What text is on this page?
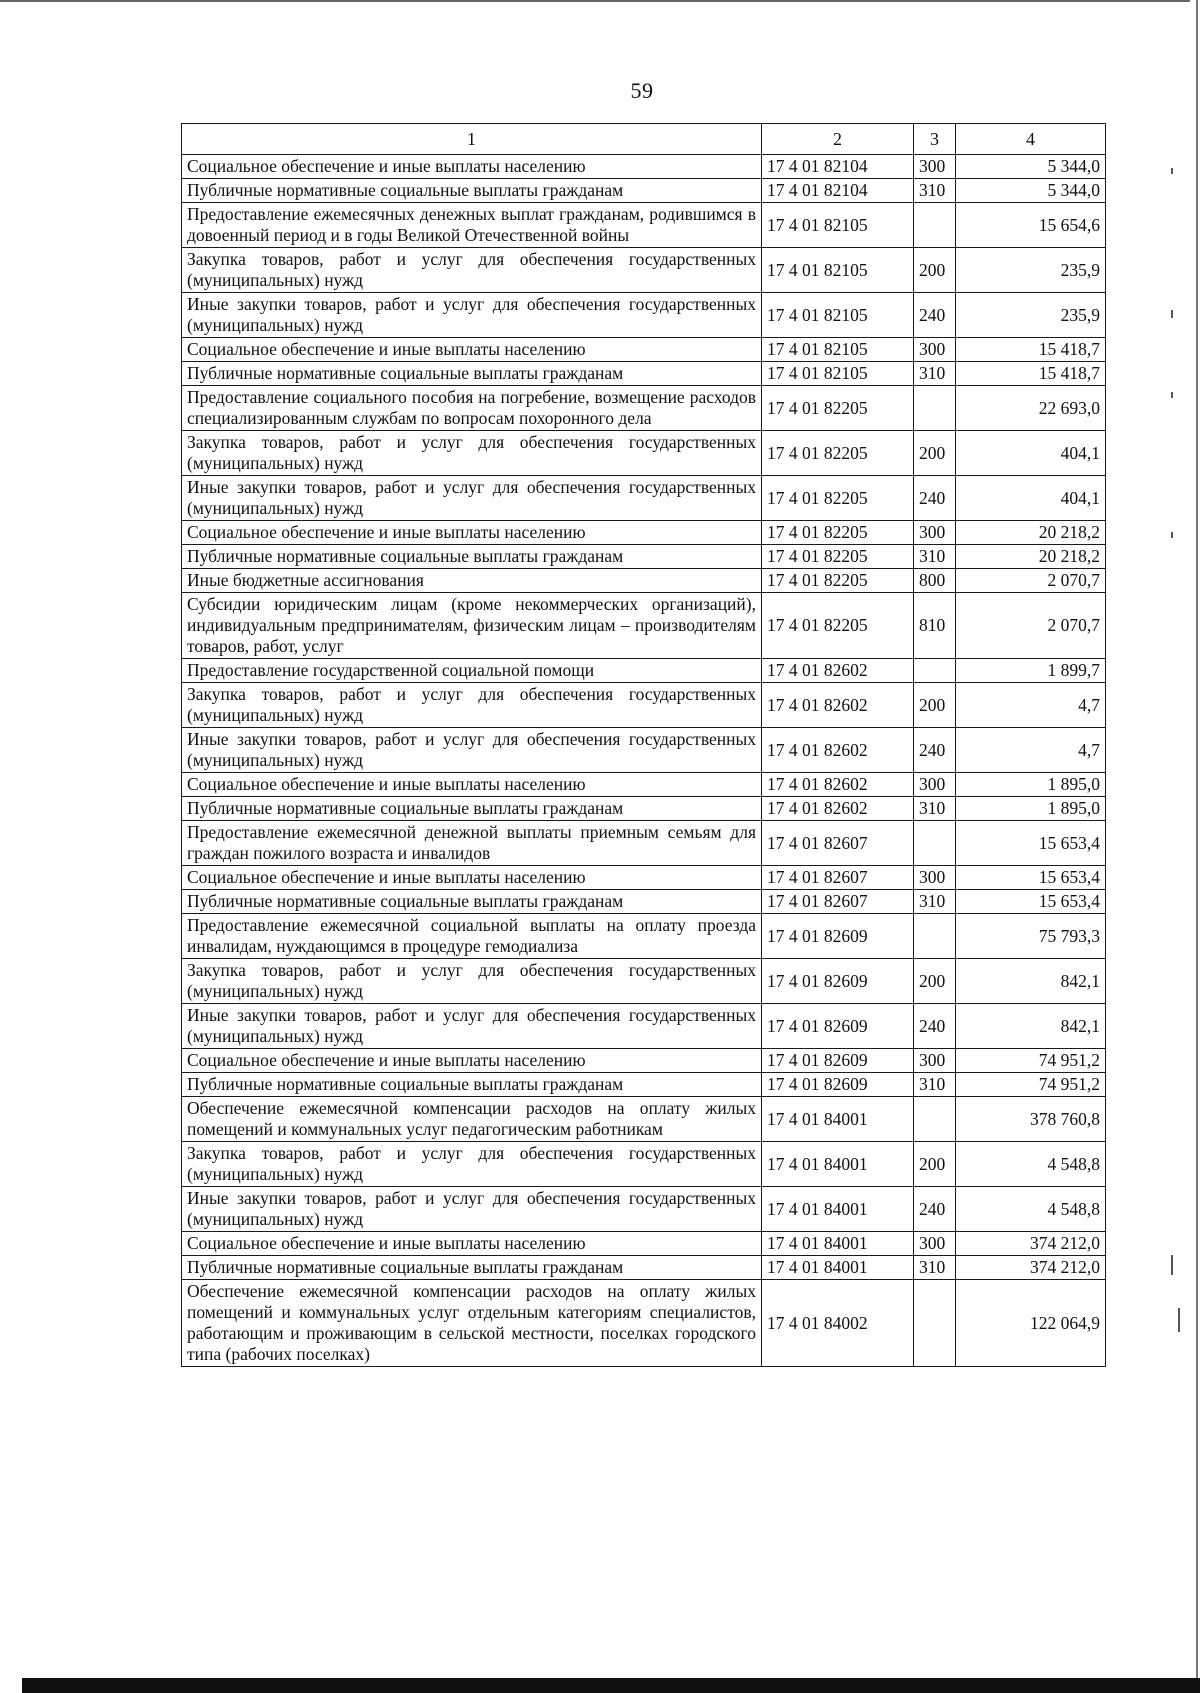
59
1	2	3	4
Социальное обеспечение и иные выплаты населению	17 4 01 82104	300	5 344,0
Публичные нормативные социальные выплаты гражданам	17 4 01 82104	310	5 344,0
Предоставление ежемесячных денежных выплат гражданам, родившимся в довоенный период и в годы Великой Отечественной войны	17 4 01 82105		15 654,6
Закупка товаров, работ и услуг для обеспечения государственных (муниципальных) нужд	17 4 01 82105	200	235,9
Иные закупки товаров, работ и услуг для обеспечения государственных (муниципальных) нужд	17 4 01 82105	240	235,9
Социальное обеспечение и иные выплаты населению	17 4 01 82105	300	15 418,7
Публичные нормативные социальные выплаты гражданам	17 4 01 82105	310	15 418,7
Предоставление социального пособия на погребение, возмещение расходов специализированным службам по вопросам похоронного дела	17 4 01 82205		22 693,0
Закупка товаров, работ и услуг для обеспечения государственных (муниципальных) нужд	17 4 01 82205	200	404,1
Иные закупки товаров, работ и услуг для обеспечения государственных (муниципальных) нужд	17 4 01 82205	240	404,1
Социальное обеспечение и иные выплаты населению	17 4 01 82205	300	20 218,2
Публичные нормативные социальные выплаты гражданам	17 4 01 82205	310	20 218,2
Иные бюджетные ассигнования	17 4 01 82205	800	2 070,7
Субсидии юридическим лицам (кроме некоммерческих организаций), индивидуальным предпринимателям, физическим лицам – производителям товаров, работ, услуг	17 4 01 82205	810	2 070,7
Предоставление государственной социальной помощи	17 4 01 82602		1 899,7
Закупка товаров, работ и услуг для обеспечения государственных (муниципальных) нужд	17 4 01 82602	200	4,7
Иные закупки товаров, работ и услуг для обеспечения государственных (муниципальных) нужд	17 4 01 82602	240	4,7
Социальное обеспечение и иные выплаты населению	17 4 01 82602	300	1 895,0
Публичные нормативные социальные выплаты гражданам	17 4 01 82602	310	1 895,0
Предоставление ежемесячной денежной выплаты приемным семьям для граждан пожилого возраста и инвалидов	17 4 01 82607		15 653,4
Социальное обеспечение и иные выплаты населению	17 4 01 82607	300	15 653,4
Публичные нормативные социальные выплаты гражданам	17 4 01 82607	310	15 653,4
Предоставление ежемесячной социальной выплаты на оплату проезда инвалидам, нуждающимся в процедуре гемодиализа	17 4 01 82609		75 793,3
Закупка товаров, работ и услуг для обеспечения государственных (муниципальных) нужд	17 4 01 82609	200	842,1
Иные закупки товаров, работ и услуг для обеспечения государственных (муниципальных) нужд	17 4 01 82609	240	842,1
Социальное обеспечение и иные выплаты населению	17 4 01 82609	300	74 951,2
Публичные нормативные социальные выплаты гражданам	17 4 01 82609	310	74 951,2
Обеспечение ежемесячной компенсации расходов на оплату жилых помещений и коммунальных услуг педагогическим работникам	17 4 01 84001		378 760,8
Закупка товаров, работ и услуг для обеспечения государственных (муниципальных) нужд	17 4 01 84001	200	4 548,8
Иные закупки товаров, работ и услуг для обеспечения государственных (муниципальных) нужд	17 4 01 84001	240	4 548,8
Социальное обеспечение и иные выплаты населению	17 4 01 84001	300	374 212,0
Публичные нормативные социальные выплаты гражданам	17 4 01 84001	310	374 212,0
Обеспечение ежемесячной компенсации расходов на оплату жилых помещений и коммунальных услуг отдельным категориям специалистов, работающим и проживающим в сельской местности, поселках городского типа (рабочих поселках)	17 4 01 84002		122 064,9
